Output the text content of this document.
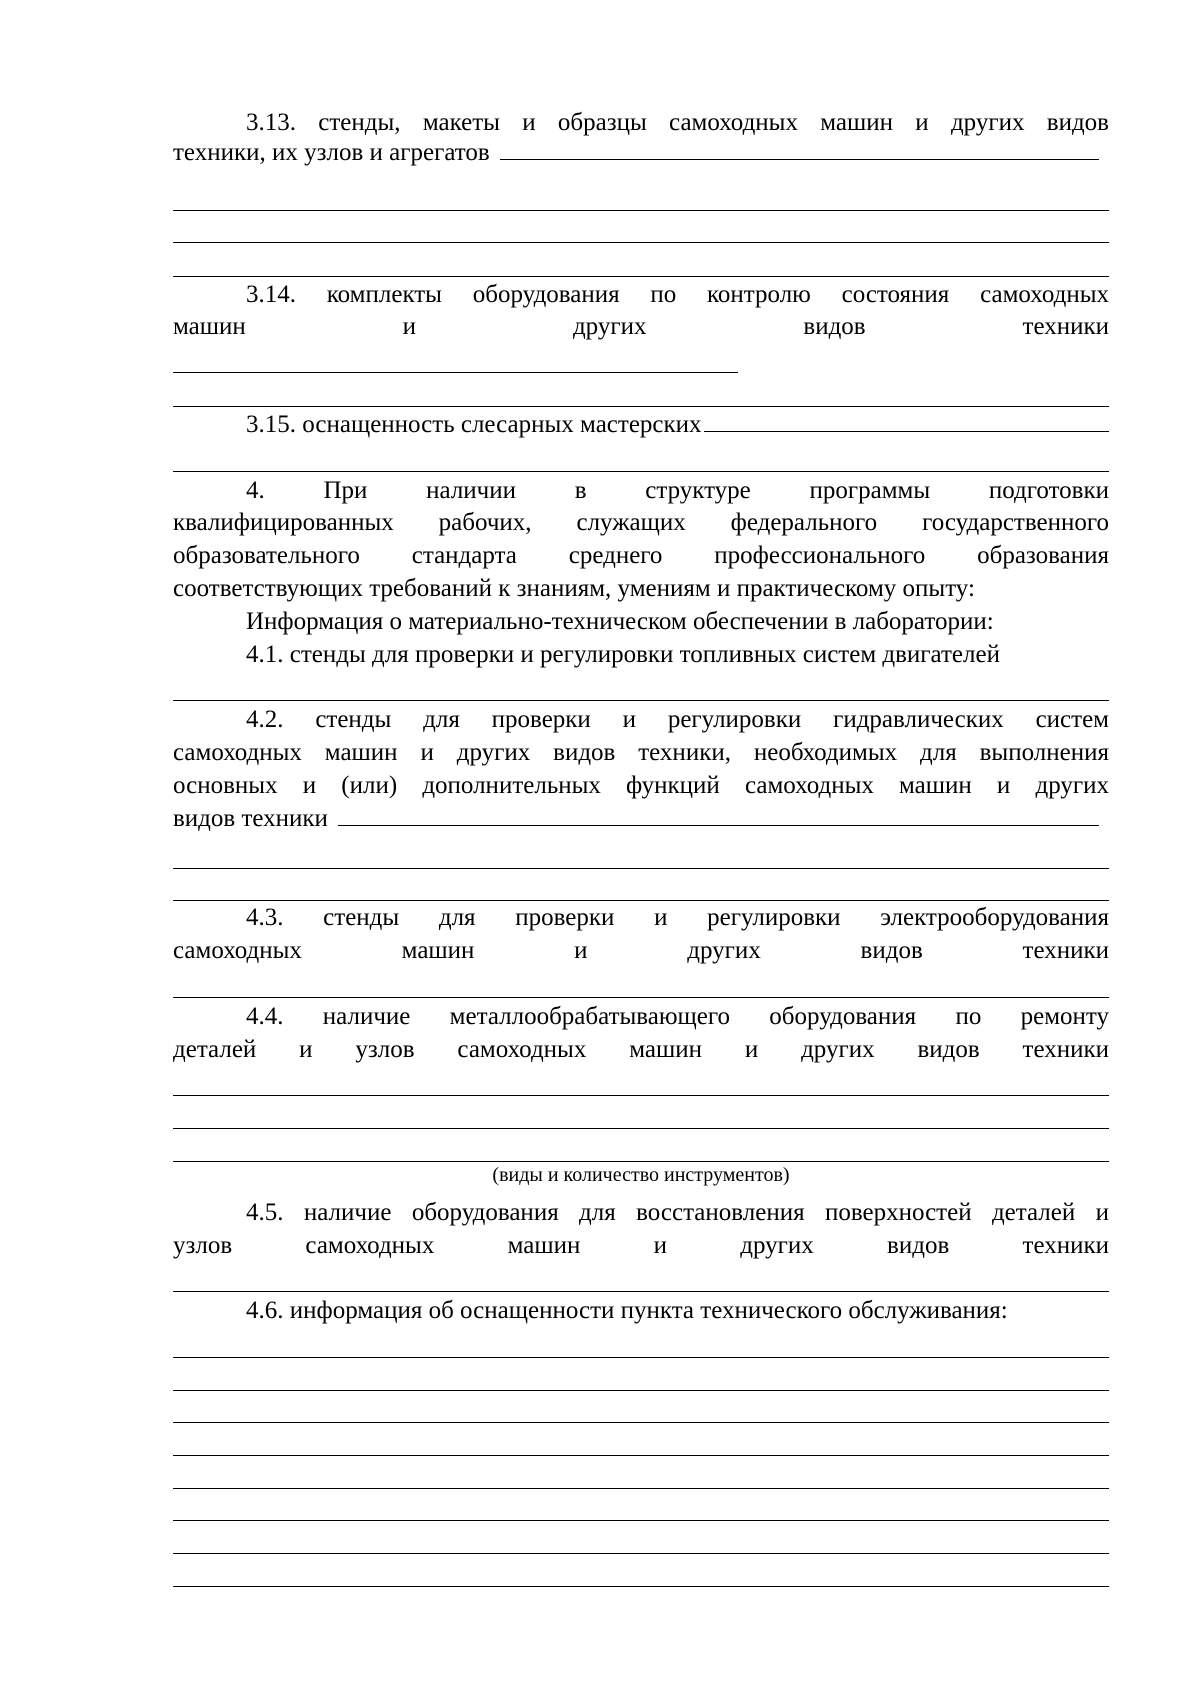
3.13. стенды, макеты и образцы самоходных машин и других видов
техники, их узлов и агрегатов
3.14. комплекты оборудования по контролю состояния самоходных
машин и других видов техники
3.15. оснащенность слесарных мастерских
4. При наличии в структуре программы подготовки
квалифицированных рабочих, служащих федерального государственного
образовательного стандарта среднего профессионального образования
соответствующих требований к знаниям, умениям и практическому опыту:
Информация о материально-техническом обеспечении в лаборатории:
4.1. стенды для проверки и регулировки топливных систем двигателей
4.2. стенды для проверки и регулировки гидравлических систем
самоходных машин и других видов техники, необходимых для выполнения
основных и (или) дополнительных функций самоходных машин и других
видов техники
4.3. стенды для проверки и регулировки электрооборудования
самоходных машин и других видов техники
4.4. наличие металлообрабатывающего оборудования по ремонту
деталей и узлов самоходных машин и других видов техники
(виды и количество инструментов)
4.5. наличие оборудования для восстановления поверхностей деталей и
узлов самоходных машин и других видов техники
4.6. информация об оснащенности пункта технического обслуживания:
